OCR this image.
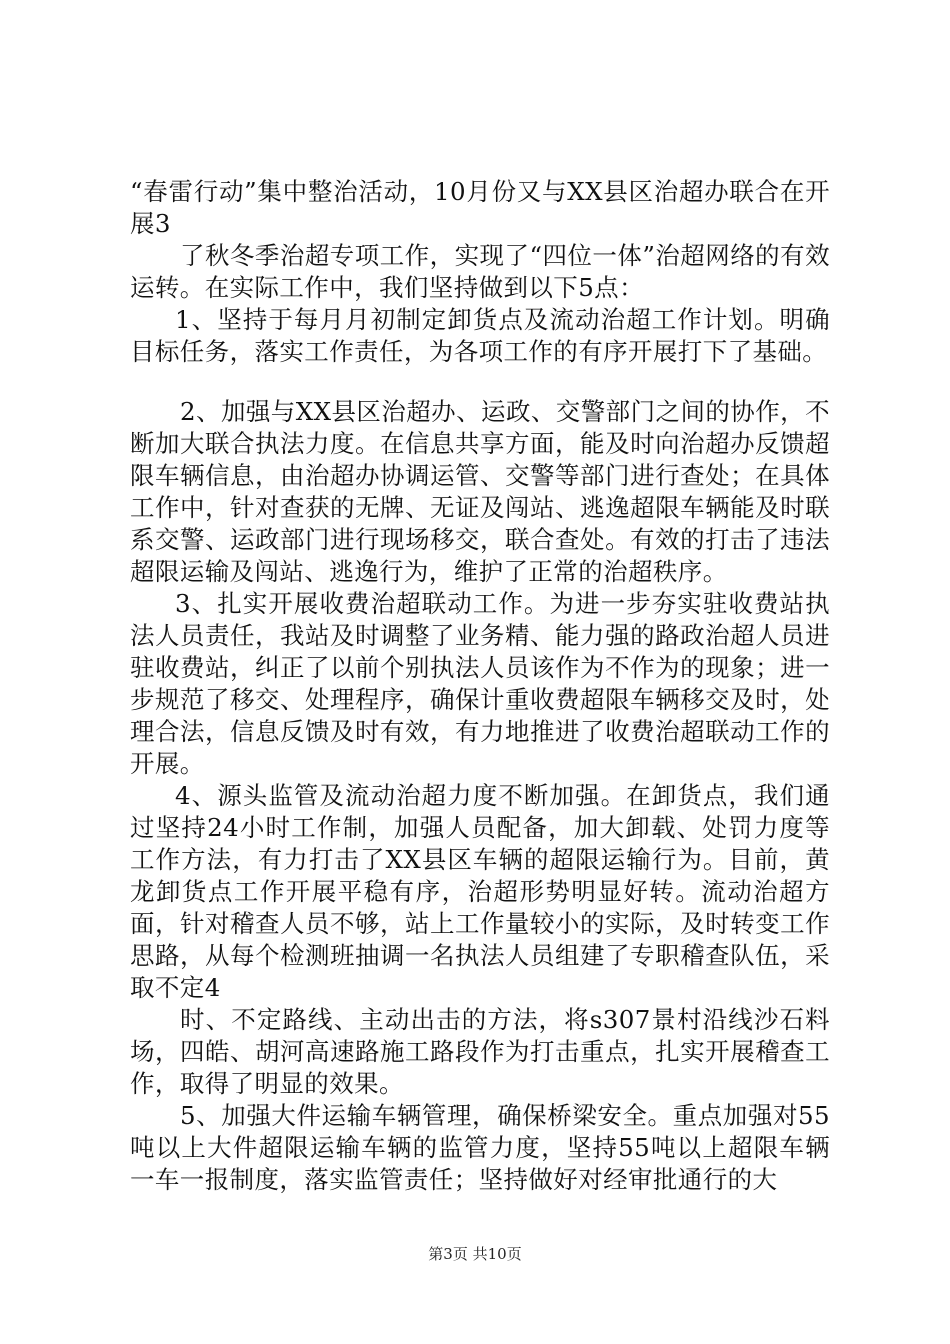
“春雷行动”集中整治活动，10月份又与XX县区治超办联合在开展3

了秋冬季治超专项工作，实现了“四位一体”治超网络的有效运转。在实际工作中，我们坚持做到以下5点：

1、坚持于每月月初制定卸货点及流动治超工作计划。明确目标任务，落实工作责任，为各项工作的有序开展打下了基础。

2、加强与XX县区治超办、运政、交警部门之间的协作，不断加大联合执法力度。在信息共享方面，能及时向治超办反馈超限车辆信息，由治超办协调运管、交警等部门进行查处；在具体工作中，针对查获的无牌、无证及闯站、逃逸超限车辆能及时联系交警、运政部门进行现场移交，联合查处。有效的打击了违法超限运输及闯站、逃逸行为，维护了正常的治超秩序。

3、扎实开展收费治超联动工作。为进一步夯实驻收费站执法人员责任，我站及时调整了业务精、能力强的路政治超人员进驻收费站，纠正了以前个别执法人员该作为不作为的现象；进一步规范了移交、处理程序，确保计重收费超限车辆移交及时，处理合法，信息反馈及时有效，有力地推进了收费治超联动工作的开展。

4、源头监管及流动治超力度不断加强。在卸货点，我们通过坚持24小时工作制，加强人员配备，加大卸载、处罚力度等工作方法，有力打击了XX县区车辆的超限运输行为。目前，黄龙卸货点工作开展平稳有序，治超形势明显好转。流动治超方面，针对稽查人员不够，站上工作量较小的实际，及时转变工作思路，从每个检测班抽调一名执法人员组建了专职稽查队伍，采取不定4

时、不定路线、主动出击的方法，将s307景村沿线沙石料场，四皓、胡河高速路施工路段作为打击重点，扎实开展稽查工作，取得了明显的效果。

5、加强大件运输车辆管理，确保桥梁安全。重点加强对55吨以上大件超限运输车辆的监管力度，坚持55吨以上超限车辆一车一报制度，落实监管责任；坚持做好对经审批通行的大

第3页 共10页
